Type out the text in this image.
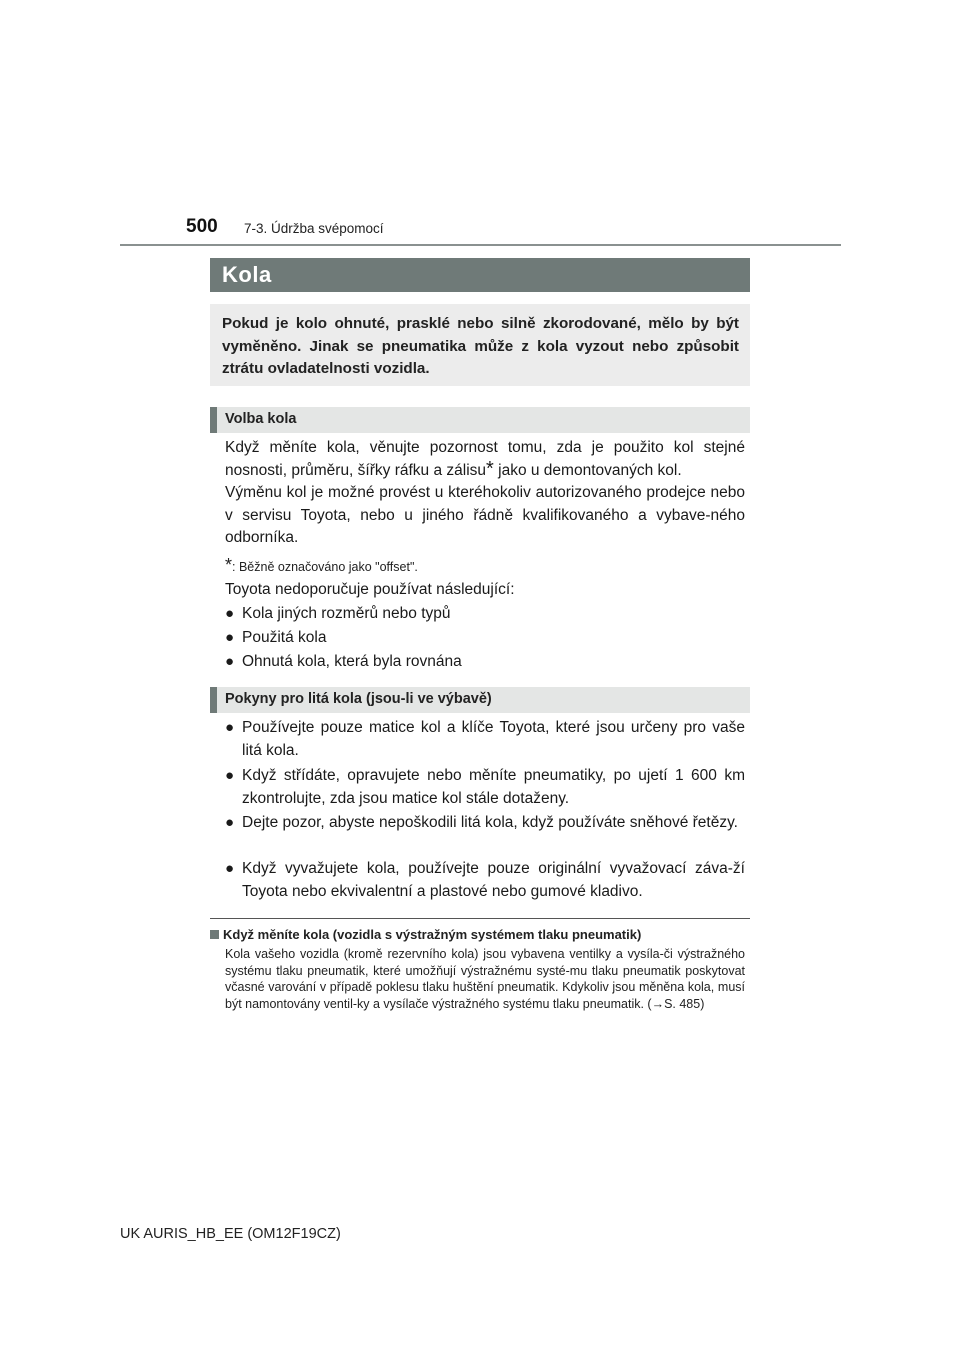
500 7-3. Údržba svépomocí
Kola

Pokud je kolo ohnuté, prasklé nebo silně zkorodované, mělo by být vyměněno. Jinak se pneumatika může z kola vyzout nebo způsobit ztrátu ovladatelnosti vozidla.

Volba kola

Když měníte kola, věnujte pozornost tomu, zda je použito kol stejné nosnosti, průměru, šířky ráfku a zálisu* jako u demontovaných kol.

Výměnu kol je možné provést u kteréhokoliv autorizovaného prodejce nebo v servisu Toyota, nebo u jiného řádně kvalifikovaného a vybave-ného odborníka.

*: Běžně označováno jako "offset".

Toyota nedoporučuje používat následující:

● Kola jiných rozměrů nebo typů
● Použitá kola
● Ohnutá kola, která byla rovnána
Pokyny pro litá kola (jsou-li ve výbavě)
● Používejte pouze matice kol a klíče Toyota, které jsou určeny pro vaše litá kola.
● Když střídáte, opravujete nebo měníte pneumatiky, po ujetí 1 600 km zkontrolujte, zda jsou matice kol stále dotaženy.
● Dejte pozor, abyste nepoškodili litá kola, když používáte sněhové řetězy.
● Když vyvažujete kola, používejte pouze originální vyvažovací záva-ží Toyota nebo ekvivalentní a plastové nebo gumové kladivo.
Když měníte kola (vozidla s výstražným systémem tlaku pneumatik)

Kola vašeho vozidla (kromě rezervního kola) jsou vybavena ventilky a vysíla-či výstražného systému tlaku pneumatik, které umožňují výstražnému systé-mu tlaku pneumatik poskytovat včasné varování v případě poklesu tlaku huštění pneumatik. Kdykoliv jsou měněna kola, musí být namontovány ventil-ky a vysílače výstražného systému tlaku pneumatik. (→S. 485)

UK AURIS_HB_EE (OM12F19CZ)
